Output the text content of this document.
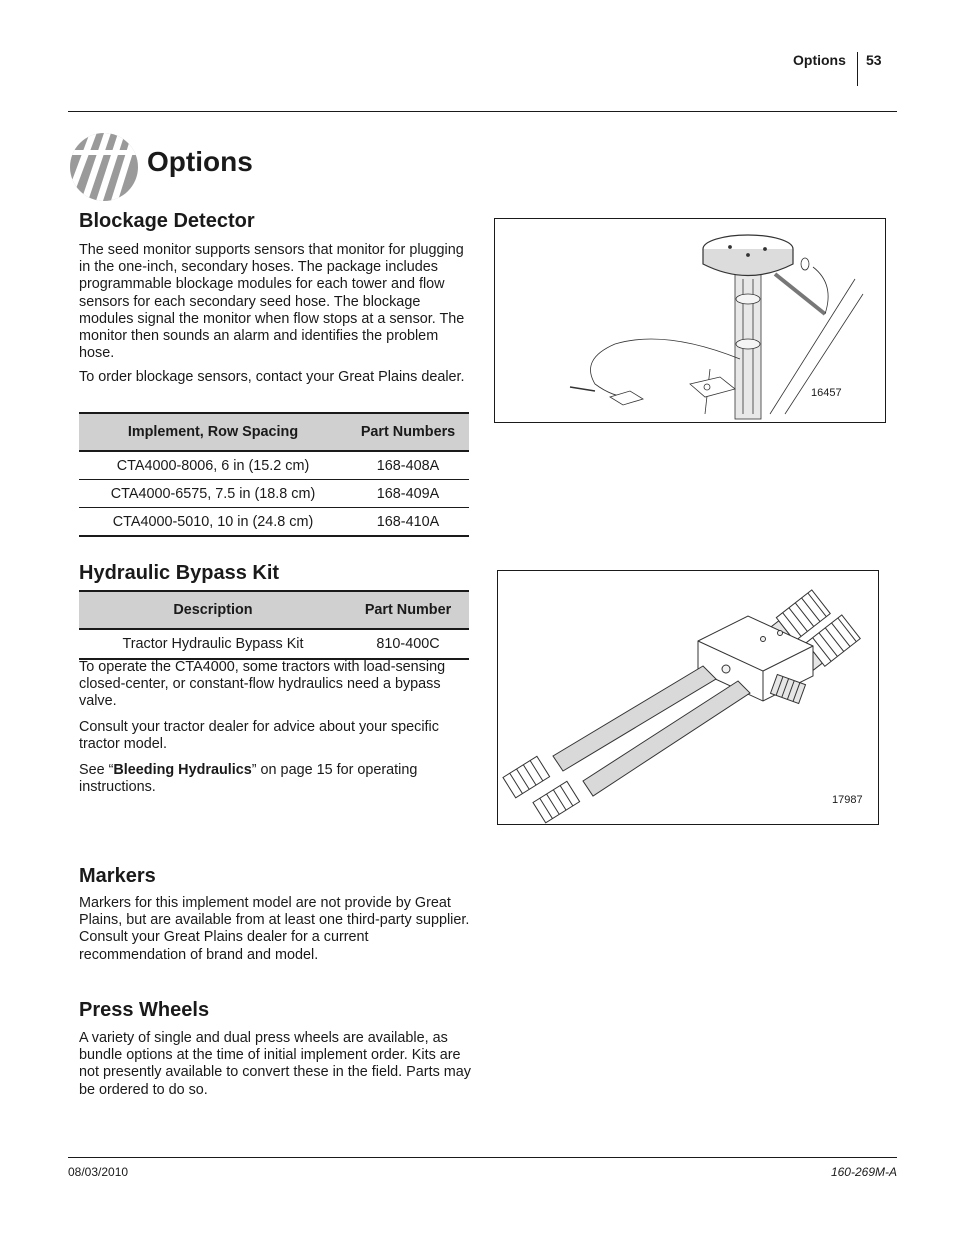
Options 53
Options
Blockage Detector

The seed monitor supports sensors that monitor for plugging in the one-inch, secondary hoses. The package includes programmable blockage modules for each tower and flow sensors for each secondary seed hose. The blockage modules signal the monitor when flow stops at a sensor. The monitor then sounds an alarm and identifies the problem hose.

To order blockage sensors, contact your Great Plains dealer.

Implement, Row Spacing	Part Numbers
CTA4000-8006, 6 in (15.2 cm)	168-408A
CTA4000-6575, 7.5 in (18.8 cm)	168-409A
CTA4000-5010, 10 in (24.8 cm)	168-410A
16457
Hydraulic Bypass Kit
Description	Part Number
Tractor Hydraulic Bypass Kit	810-400C

To operate the CTA4000, some tractors with load-sensing closed-center, or constant-flow hydraulics need a bypass valve.

Consult your tractor dealer for advice about your specific tractor model.

See “Bleeding Hydraulics” on page 15 for operating instructions.

17987
Markers

Markers for this implement model are not provide by Great Plains, but are available from at least one third-party supplier. Consult your Great Plains dealer for a current recommendation of brand and model.

Press Wheels

A variety of single and dual press wheels are available, as bundle options at the time of initial implement order. Kits are not presently available to convert these in the field. Parts may be ordered to do so.

08/03/2010	160-269M-A
